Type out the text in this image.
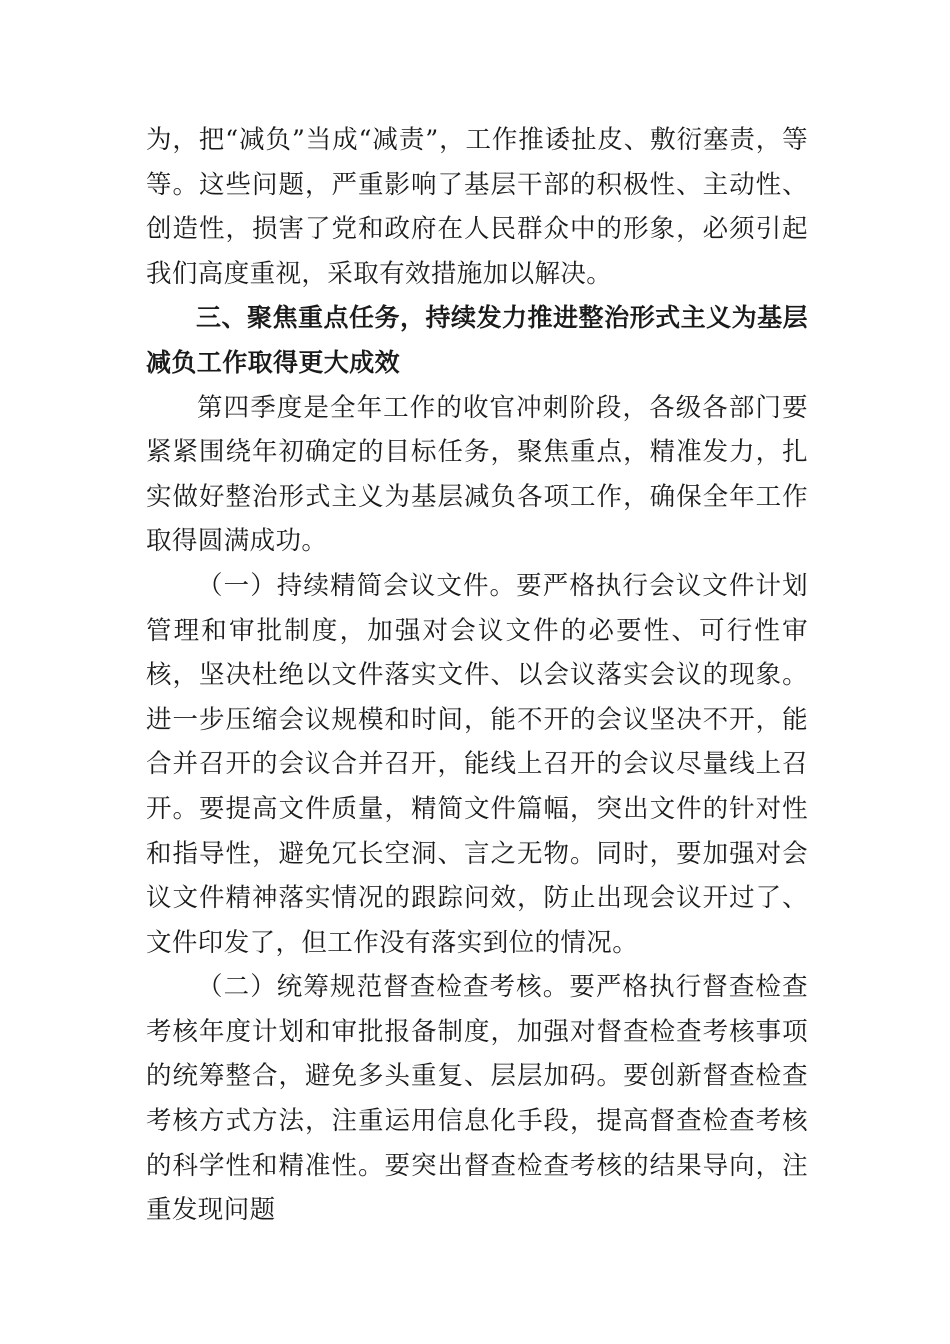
为，把“减负”当成“减责”，工作推诿扯皮、敷衍塞责，等等。这些问题，严重影响了基层干部的积极性、主动性、创造性，损害了党和政府在人民群众中的形象，必须引起我们高度重视，采取有效措施加以解决。

三、聚焦重点任务，持续发力推进整治形式主义为基层减负工作取得更大成效

第四季度是全年工作的收官冲刺阶段，各级各部门要紧紧围绕年初确定的目标任务，聚焦重点，精准发力，扎实做好整治形式主义为基层减负各项工作，确保全年工作取得圆满成功。

（一）持续精简会议文件。要严格执行会议文件计划管理和审批制度，加强对会议文件的必要性、可行性审核，坚决杜绝以文件落实文件、以会议落实会议的现象。进一步压缩会议规模和时间，能不开的会议坚决不开，能合并召开的会议合并召开，能线上召开的会议尽量线上召开。要提高文件质量，精简文件篇幅，突出文件的针对性和指导性，避免冗长空洞、言之无物。同时，要加强对会议文件精神落实情况的跟踪问效，防止出现会议开过了、文件印发了，但工作没有落实到位的情况。

（二）统筹规范督查检查考核。要严格执行督查检查考核年度计划和审批报备制度，加强对督查检查考核事项的统筹整合，避免多头重复、层层加码。要创新督查检查考核方式方法，注重运用信息化手段，提高督查检查考核的科学性和精准性。要突出督查检查考核的结果导向，注重发现问题
